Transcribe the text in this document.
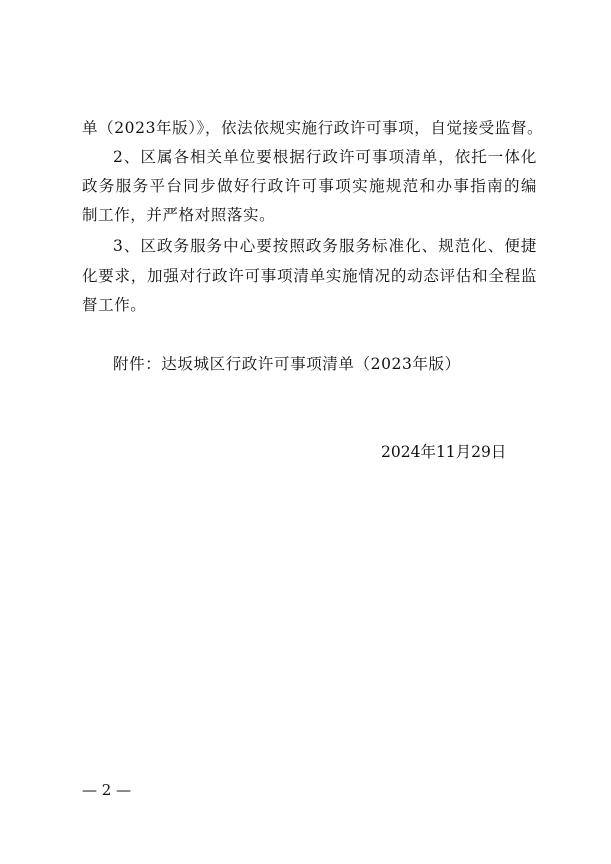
单（2023年版）》，依法依规实施行政许可事项，自觉接受监督。
2、区属各相关单位要根据行政许可事项清单，依托一体化
政务服务平台同步做好行政许可事项实施规范和办事指南的编
制工作，并严格对照落实。
3、区政务服务中心要按照政务服务标准化、规范化、便捷
化要求，加强对行政许可事项清单实施情况的动态评估和全程监
督工作。
附件：达坂城区行政许可事项清单（2023年版）
2024年11月29日
— 2 —
